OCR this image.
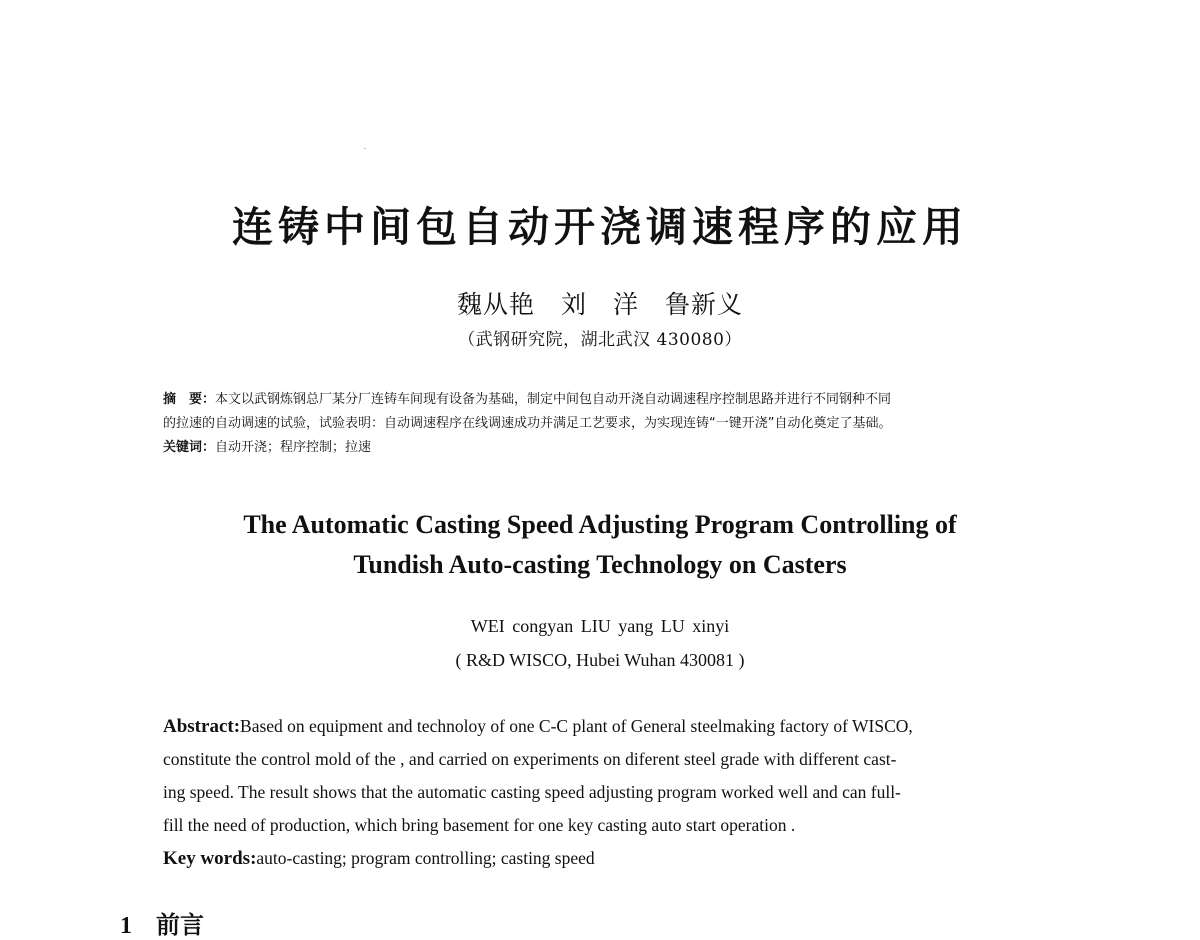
连铸中间包自动开浇调速程序的应用
魏从艳　刘　洋　鲁新义
（武钢研究院，湖北武汉 430080）
摘　要：本文以武钢炼钢总厂某分厂连铸车间现有设备为基础，制定中间包自动开浇自动调速程序控制思路并进行不同钢种不同
的拉速的自动调速的试验，试验表明：自动调速程序在线调速成功并满足工艺要求，为实现连铸“一键开浇”自动化奠定了基础。
关键词：自动开浇；程序控制；拉速
The Automatic Casting Speed Adjusting Program Controlling of
Tundish Auto-casting Technology on Casters
WEI congyan LIU yang LU xinyi
( R&D WISCO, Hubei Wuhan 430081 )
Abstract:Based on equipment and technoloy of one C-C plant of General steelmaking factory of WISCO,
constitute the control mold of the , and carried on experiments on diferent steel grade with different cast-
ing speed. The result shows that the automatic casting speed adjusting program worked well and can full-
fill the need of production, which bring basement for one key casting auto start operation .
Key words:auto-casting; program controlling; casting speed
1 前言
